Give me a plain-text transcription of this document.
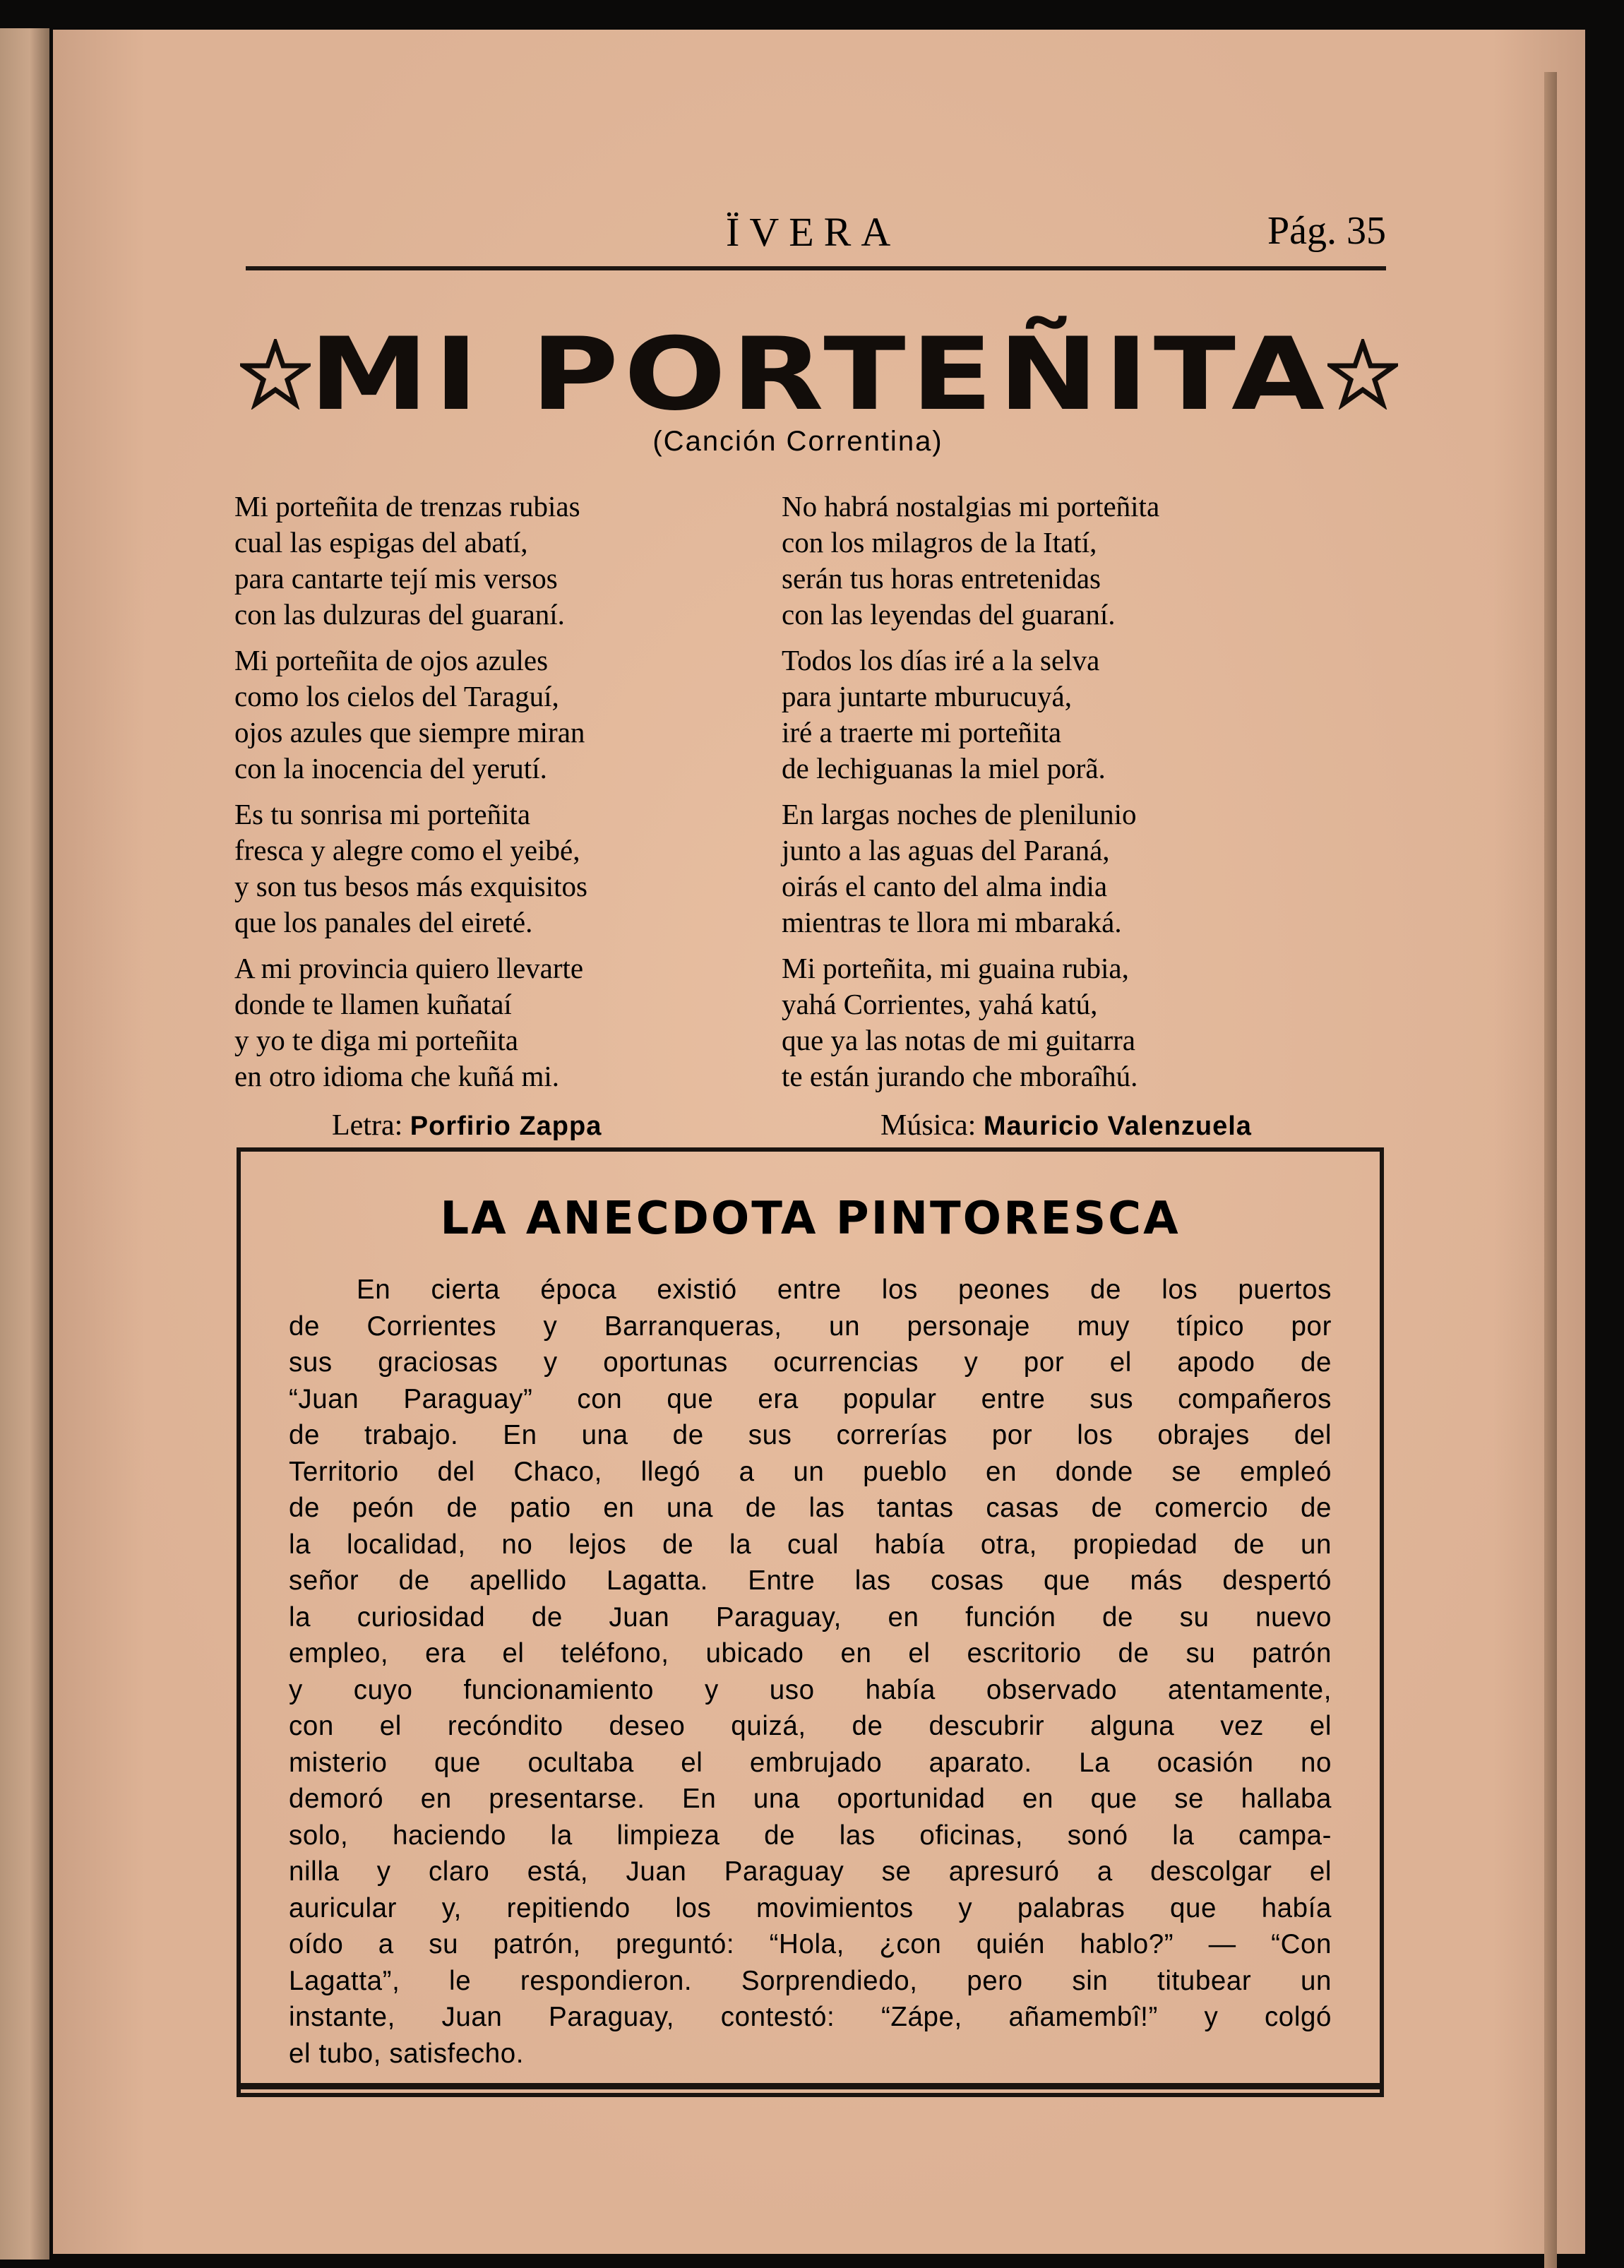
ÏVERA	Pág. 35
MI PORTEÑITA
(Canción Correntina)
Mi porteñita de trenzas rubias
cual las espigas del abatí,
para cantarte tejí mis versos
con las dulzuras del guaraní.
Mi porteñita de ojos azules
como los cielos del Taraguí,
ojos azules que siempre miran
con la inocencia del yerutí.
Es tu sonrisa mi porteñita
fresca y alegre como el yeibé,
y son tus besos más exquisitos
que los panales del eireté.
A mi provincia quiero llevarte
donde te llamen kuñataí
y yo te diga mi porteñita
en otro idioma che kuñá mi.
No habrá nostalgias mi porteñita
con los milagros de la Itatí,
serán tus horas entretenidas
con las leyendas del guaraní.
Todos los días iré a la selva
para juntarte mburucuyá,
iré a traerte mi porteñita
de lechiguanas la miel porã.
En largas noches de plenilunio
junto a las aguas del Paraná,
oirás el canto del alma india
mientras te llora mi mbaraká.
Mi porteñita, mi guaina rubia,
yahá Corrientes, yahá katú,
que ya las notas de mi guitarra
te están jurando che mboraîhú.
Letra: Porfirio Zappa	Música: Mauricio Valenzuela
LA ANECDOTA PINTORESCA
En cierta época existió entre los peones de los puertos
de Corrientes y Barranqueras, un personaje muy típico por
sus graciosas y oportunas ocurrencias y por el apodo de
“Juan Paraguay” con que era popular entre sus compañeros
de trabajo. En una de sus correrías por los obrajes del
Territorio del Chaco, llegó a un pueblo en donde se empleó
de peón de patio en una de las tantas casas de comercio de
la localidad, no lejos de la cual había otra, propiedad de un
señor de apellido Lagatta. Entre las cosas que más despertó
la curiosidad de Juan Paraguay, en función de su nuevo
empleo, era el teléfono, ubicado en el escritorio de su patrón
y cuyo funcionamiento y uso había observado atentamente,
con el recóndito deseo quizá, de descubrir alguna vez el
misterio que ocultaba el embrujado aparato. La ocasión no
demoró en presentarse. En una oportunidad en que se hallaba
solo, haciendo la limpieza de las oficinas, sonó la campa-
nilla y claro está, Juan Paraguay se apresuró a descolgar el
auricular y, repitiendo los movimientos y palabras que había
oído a su patrón, preguntó: “Hola, ¿con quién hablo?” — “Con
Lagatta”, le respondieron. Sorprendiedo, pero sin titubear un
instante, Juan Paraguay, contestó: “Zápe, añamembî!” y colgó
el tubo, satisfecho.
